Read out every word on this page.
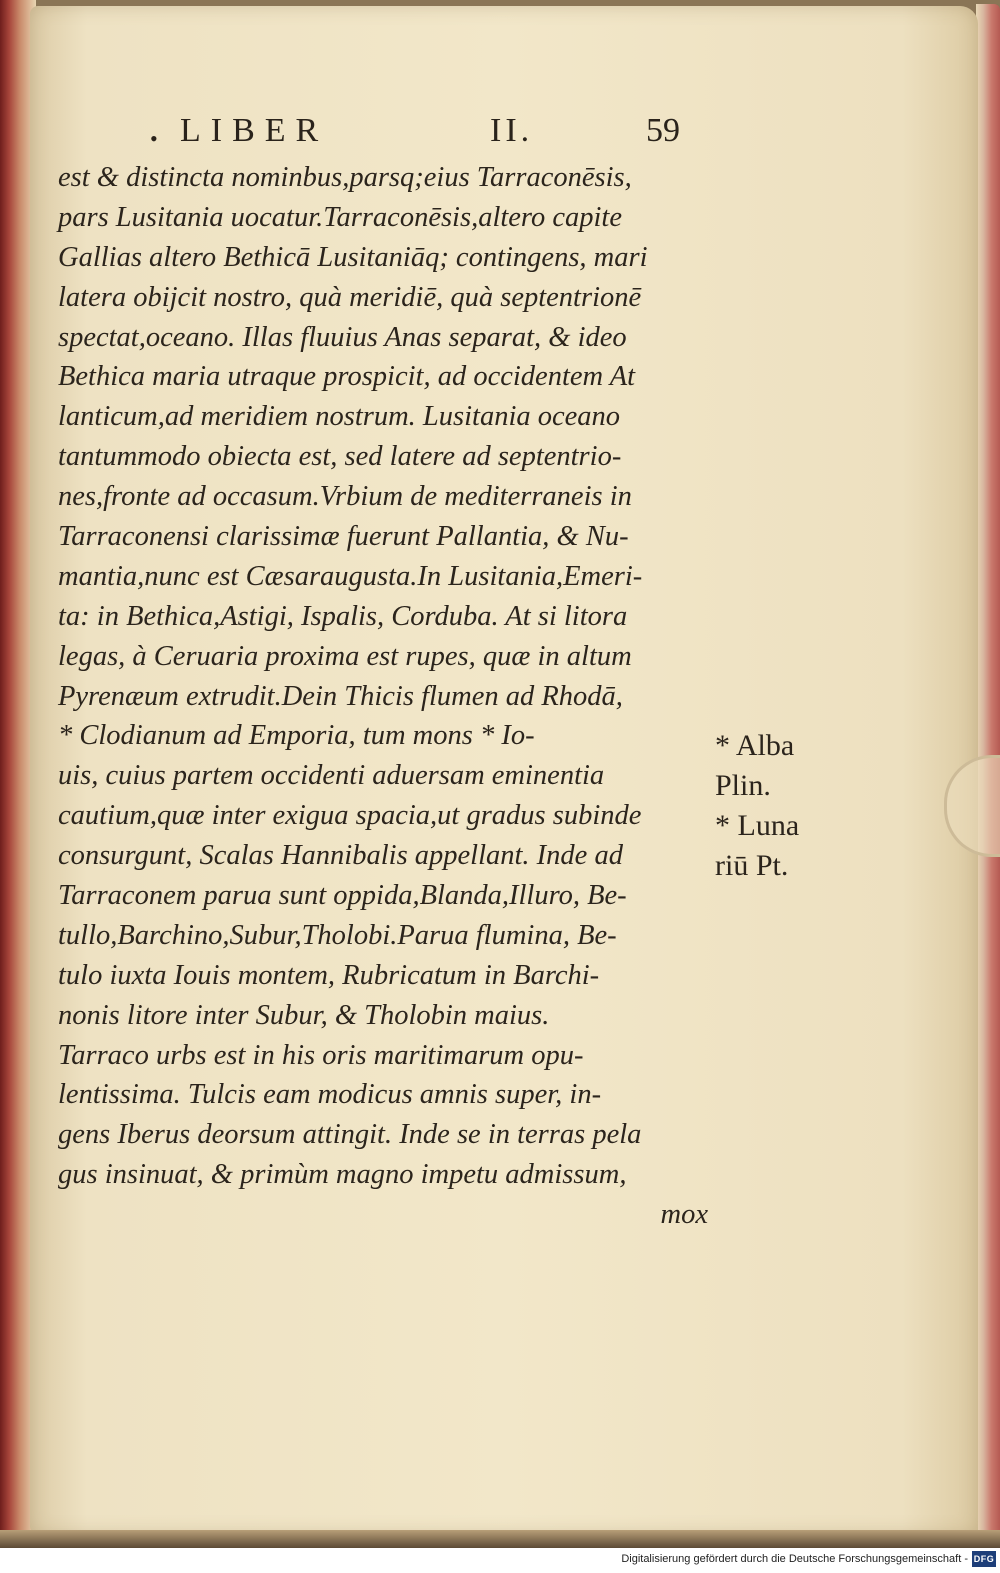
• LIBER	II.	59
est & distincta nominbus,parsq;eius Tarraconēsis,
pars Lusitania uocatur.Tarraconēsis,altero capite
Gallias altero Bethicā Lusitaniāq; contingens, mari
latera obijcit nostro, quà meridiē, quà septentrionē
spectat,oceano. Illas fluuius Anas separat, & ideo
Bethica maria utraque prospicit, ad occidentem At
lanticum,ad meridiem nostrum. Lusitania oceano
tantummodo obiecta est, sed latere ad septentrio-
nes,fronte ad occasum.Vrbium de mediterraneis in
Tarraconensi clarissimæ fuerunt Pallantia, & Nu-
mantia,nunc est Cæsaraugusta.In Lusitania,Emeri-
ta: in Bethica,Astigi, Ispalis, Corduba. At si litora
legas, à Ceruaria proxima est rupes, quæ in altum
Pyrenæum extrudit.Dein Thicis flumen ad Rhodā,
* Clodianum ad Emporia, tum mons * Io-
uis, cuius partem occidenti aduersam eminentia
cautium,quæ inter exigua spacia,ut gradus subinde
consurgunt, Scalas Hannibalis appellant. Inde ad
Tarraconem parua sunt oppida,Blanda,Illuro, Be-
tullo,Barchino,Subur,Tholobi.Parua flumina, Be-
tulo iuxta Iouis montem, Rubricatum in Barchi-
nonis litore inter Subur, & Tholobin maius.
Tarraco urbs est in his oris maritimarum opu-
lentissima. Tulcis eam modicus amnis super, in-
gens Iberus deorsum attingit. Inde se in terras pela
gus insinuat, & primùm magno impetu admissum,
mox
* Alba
Plin.
* Luna
riū Pt.
Digitalisierung gefördert durch die Deutsche Forschungsgemeinschaft - DFG
